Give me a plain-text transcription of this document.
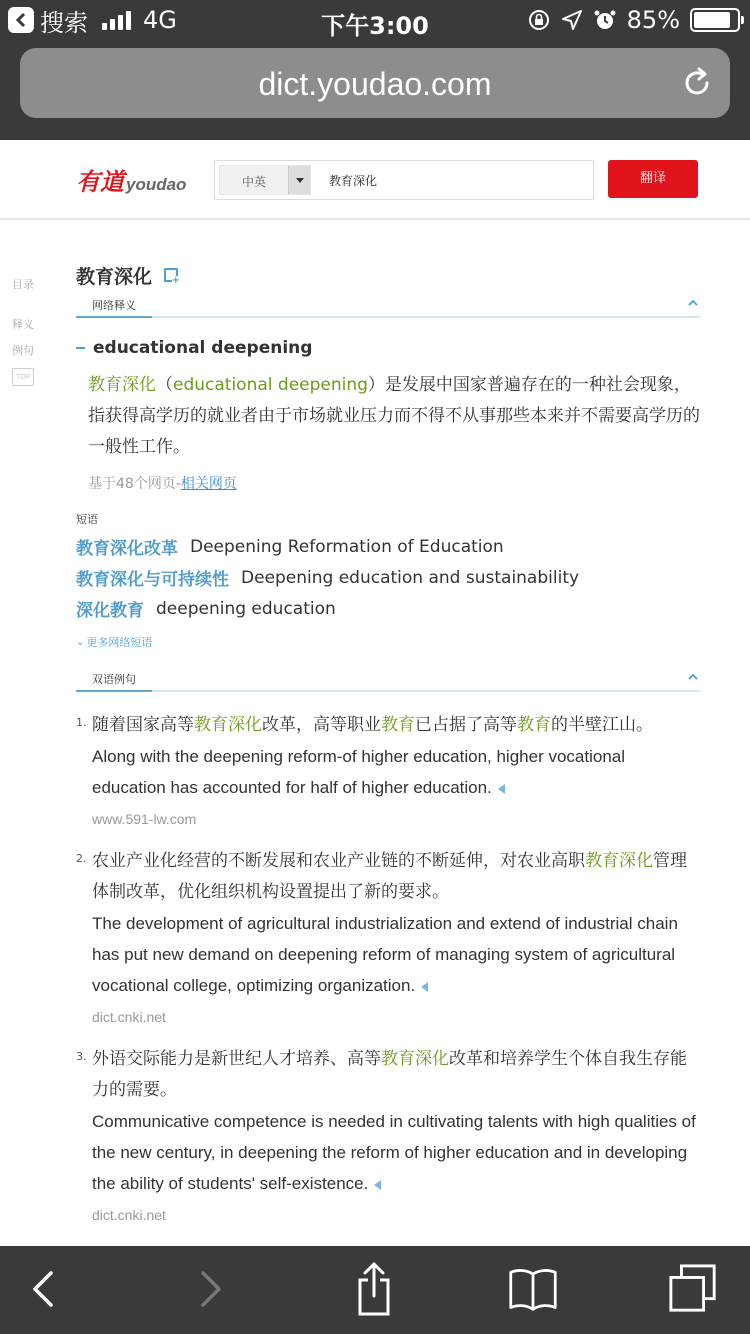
搜索 4G	下午3:00	85%
dict.youdao.com
有道 youdao	中英
教育深化	翻译
目录
释义
例句
TOP
教育深化
+
网络释义
educational deepening
教育深化（educational deepening）是发展中国家普遍存在的一种社会现象，指获得高学历的就业者由于市场就业压力而不得不从事那些本来并不需要高学历的一般性工作。
基于48个网页-相关网页
短语
教育深化改革 Deepening Reformation of Education
教育深化与可持续性 Deepening education and sustainability
深化教育 deepening education
⌄ 更多网络短语
双语例句
1. 随着国家高等教育深化改革，高等职业教育已占据了高等教育的半壁江山。
Along with the deepening reform-of higher education, higher vocational education has accounted for half of higher education.
www.591-lw.com
2. 农业产业化经营的不断发展和农业产业链的不断延伸，对农业高职教育深化管理体制改革，优化组织机构设置提出了新的要求。
The development of agricultural industrialization and extend of industrial chain has put new demand on deepening reform of managing system of agricultural vocational college, optimizing organization.
dict.cnki.net
3. 外语交际能力是新世纪人才培养、高等教育深化改革和培养学生个体自我生存能力的需要。
Communicative competence is needed in cultivating talents with high qualities of the new century, in deepening the reform of higher education and in developing the ability of students' self-existence.
dict.cnki.net
